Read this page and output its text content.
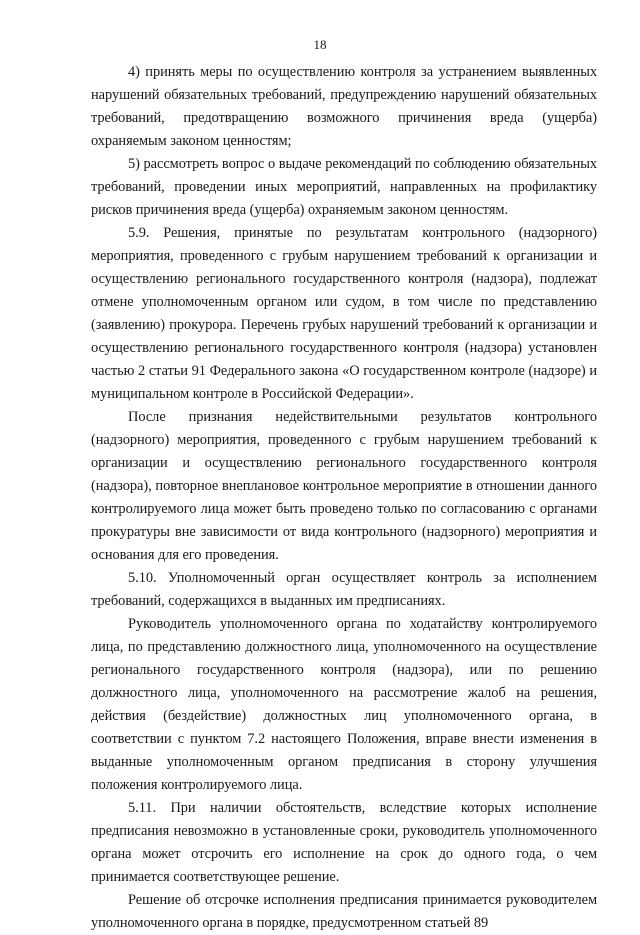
18

4) принять меры по осуществлению контроля за устранением выявленных нарушений обязательных требований, предупреждению нарушений обязательных требований, предотвращению возможного причинения вреда (ущерба) охраняемым законом ценностям;

5) рассмотреть вопрос о выдаче рекомендаций по соблюдению обязательных требований, проведении иных мероприятий, направленных на профилактику рисков причинения вреда (ущерба) охраняемым законом ценностям.

5.9. Решения, принятые по результатам контрольного (надзорного) мероприятия, проведенного с грубым нарушением требований к организации и осуществлению регионального государственного контроля (надзора), подлежат отмене уполномоченным органом или судом, в том числе по представлению (заявлению) прокурора. Перечень грубых нарушений требований к организации и осуществлению регионального государственного контроля (надзора) установлен частью 2 статьи 91 Федерального закона «О государственном контроле (надзоре) и муниципальном контроле в Российской Федерации».

После признания недействительными результатов контрольного (надзорного) мероприятия, проведенного с грубым нарушением требований к организации и осуществлению регионального государственного контроля (надзора), повторное внеплановое контрольное мероприятие в отношении данного контролируемого лица может быть проведено только по согласованию с органами прокуратуры вне зависимости от вида контрольного (надзорного) мероприятия и основания для его проведения.

5.10. Уполномоченный орган осуществляет контроль за исполнением требований, содержащихся в выданных им предписаниях.

Руководитель уполномоченного органа по ходатайству контролируемого лица, по представлению должностного лица, уполномоченного на осуществление регионального государственного контроля (надзора), или по решению должностного лица, уполномоченного на рассмотрение жалоб на решения, действия (бездействие) должностных лиц уполномоченного органа, в соответствии с пунктом 7.2 настоящего Положения, вправе внести изменения в выданные уполномоченным органом предписания в сторону улучшения положения контролируемого лица.

5.11. При наличии обстоятельств, вследствие которых исполнение предписания невозможно в установленные сроки, руководитель уполномоченного органа может отсрочить его исполнение на срок до одного года, о чем принимается соответствующее решение.

Решение об отсрочке исполнения предписания принимается руководителем уполномоченного органа в порядке, предусмотренном статьей 89
